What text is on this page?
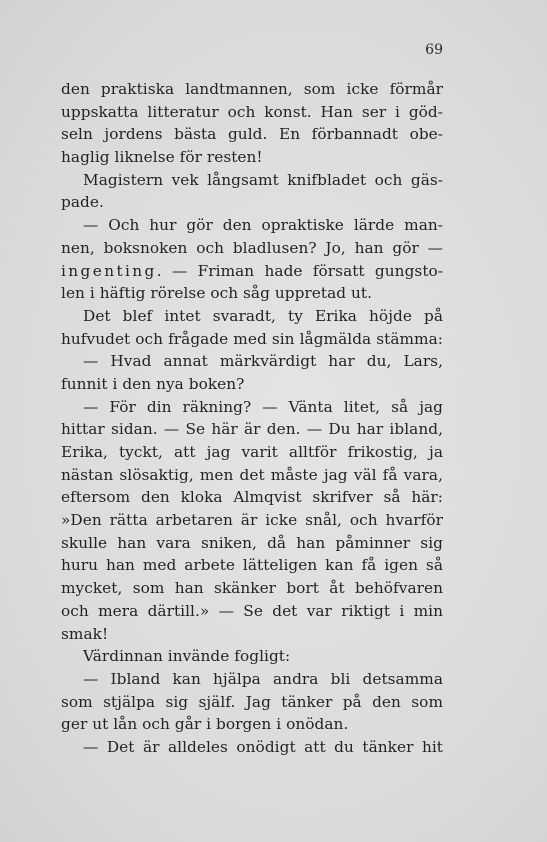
69
den praktiska landtmannen, som icke förmår
uppskatta litteratur och konst. Han ser i göd-
seln jordens bästa guld. En förbannadt obe-
haglig liknelse för resten!
Magistern vek långsamt knifbladet och gäs-
pade.
— Och hur gör den opraktiske lärde man-
nen, boksnoken och bladlusen? Jo, han gör —
ingenting. — Friman hade försatt gungsto-
len i häftig rörelse och såg uppretad ut.
Det blef intet svaradt, ty Erika höjde på
hufvudet och frågade med sin lågmälda stämma:
— Hvad annat märkvärdigt har du, Lars,
funnit i den nya boken?
— För din räkning? — Vänta litet, så jag
hittar sidan. — Se här är den. — Du har ibland,
Erika, tyckt, att jag varit alltför frikostig, ja
nästan slösaktig, men det måste jag väl få vara,
eftersom den kloka Almqvist skrifver så här:
»Den rätta arbetaren är icke snål, och hvarför
skulle han vara sniken, då han påminner sig
huru han med arbete lätteligen kan få igen så
mycket, som han skänker bort åt behöfvaren
och mera därtill.» — Se det var riktigt i min
smak!
Värdinnan invände fogligt:
— Ibland kan hjälpa andra bli detsamma
som stjälpa sig själf. Jag tänker på den som
ger ut lån och går i borgen i onödan.
— Det är alldeles onödigt att du tänker hit
